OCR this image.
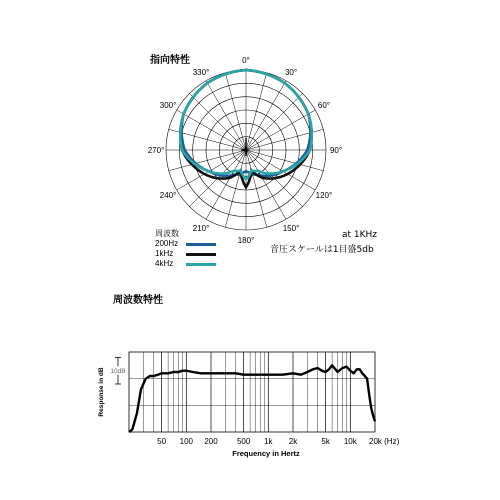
指向特性
周波数特性
0°
30°
60°
90°
120°
150°
180°
210°
240°
270°
300°
330°
at 1KHz
音圧スケールは1目盛5db
周波数
200Hz
1kHz
4kHz
10dB
Response in dB
50 100 200 500 1k 2k	5k 10k 20k (Hz)
Frequency in Hertz
